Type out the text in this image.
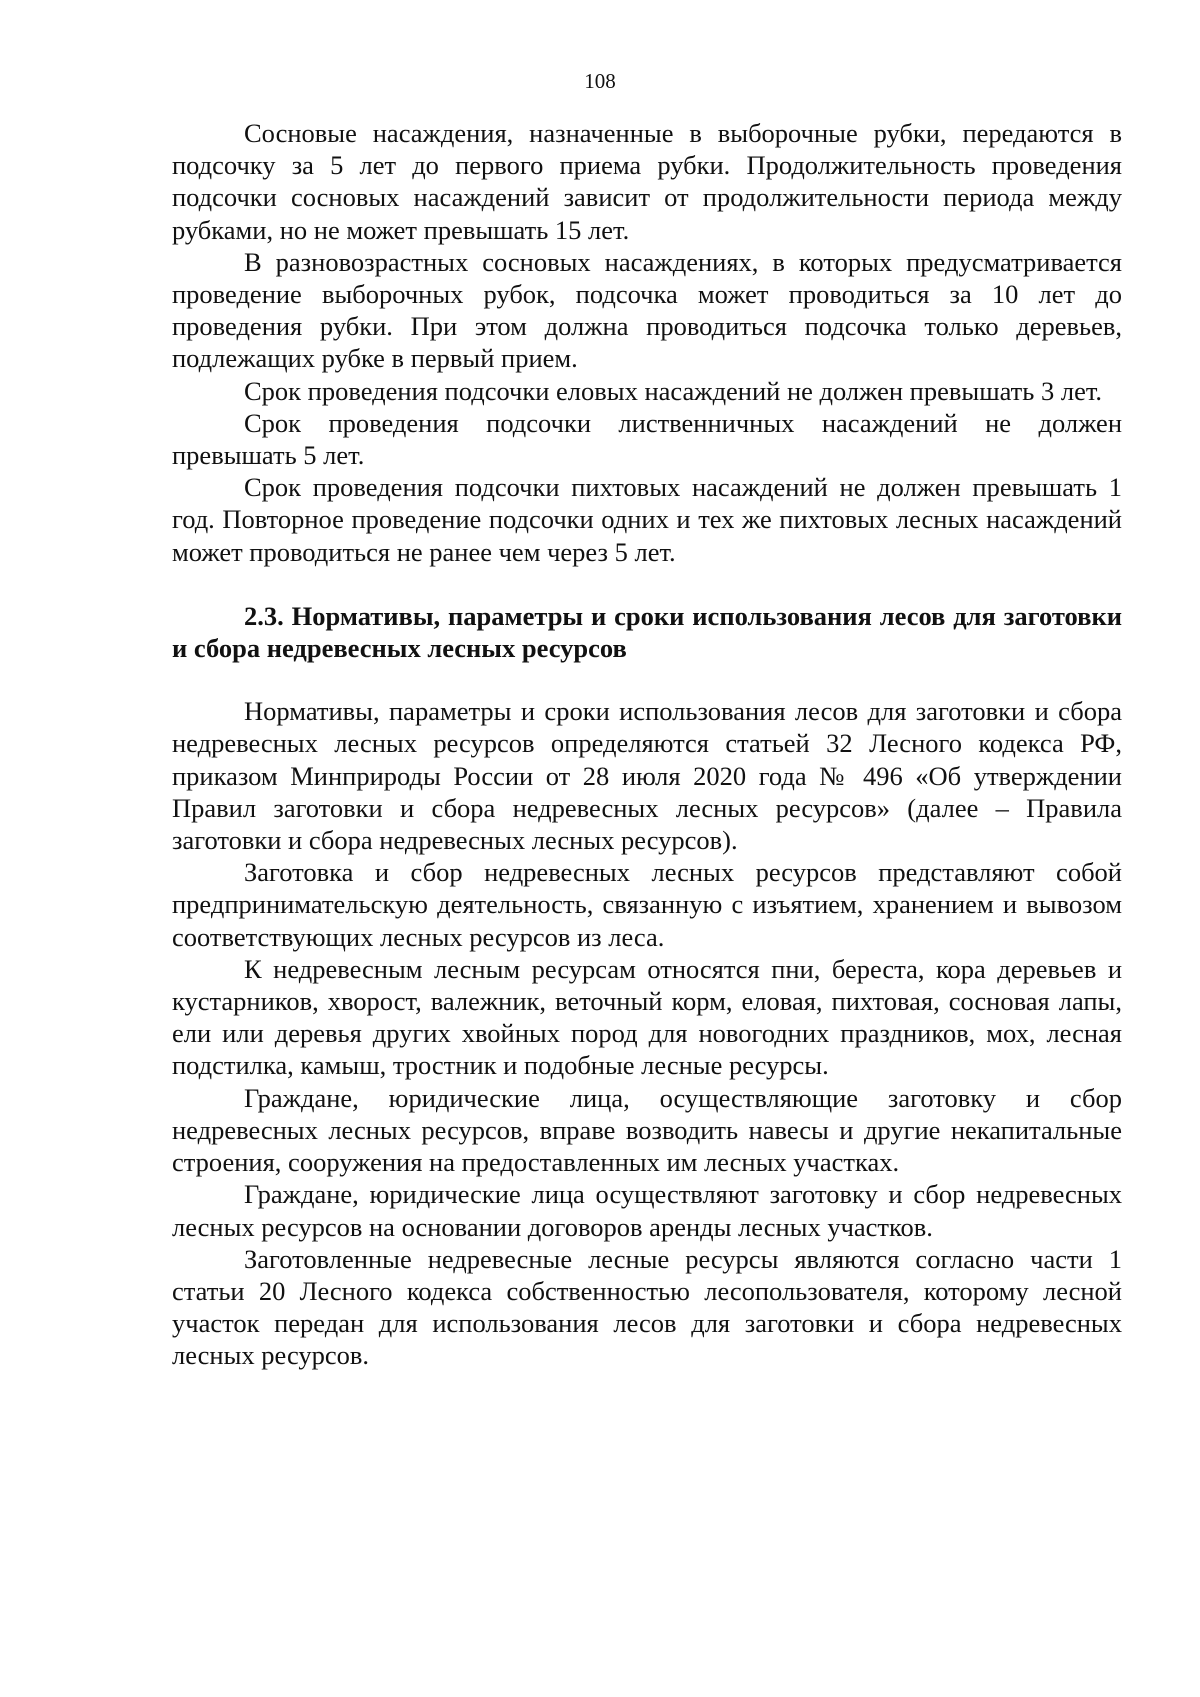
108

Сосновые насаждения, назначенные в выборочные рубки, передаются в подсочку за 5 лет до первого приема рубки. Продолжительность проведения подсочки сосновых насаждений зависит от продолжительности периода между рубками, но не может превышать 15 лет.

В разновозрастных сосновых насаждениях, в которых предусматривается проведение выборочных рубок, подсочка может проводиться за 10 лет до проведения рубки. При этом должна проводиться подсочка только деревьев, подлежащих рубке в первый прием.

Срок проведения подсочки еловых насаждений не должен превышать 3 лет.

Срок проведения подсочки лиственничных насаждений не должен превышать 5 лет.

Срок проведения подсочки пихтовых насаждений не должен превышать 1 год. Повторное проведение подсочки одних и тех же пихтовых лесных насаждений может проводиться не ранее чем через 5 лет.

2.3. Нормативы, параметры и сроки использования лесов для заготовки и сбора недревесных лесных ресурсов

Нормативы, параметры и сроки использования лесов для заготовки и сбора недревесных лесных ресурсов определяются статьей 32 Лесного кодекса РФ, приказом Минприроды России от 28 июля 2020 года № 496 «Об утверждении Правил заготовки и сбора недревесных лесных ресурсов» (далее – Правила заготовки и сбора недревесных лесных ресурсов).

Заготовка и сбор недревесных лесных ресурсов представляют собой предпринимательскую деятельность, связанную с изъятием, хранением и вывозом соответствующих лесных ресурсов из леса.

К недревесным лесным ресурсам относятся пни, береста, кора деревьев и кустарников, хворост, валежник, веточный корм, еловая, пихтовая, сосновая лапы, ели или деревья других хвойных пород для новогодних праздников, мох, лесная подстилка, камыш, тростник и подобные лесные ресурсы.

Граждане, юридические лица, осуществляющие заготовку и сбор недревесных лесных ресурсов, вправе возводить навесы и другие некапитальные строения, сооружения на предоставленных им лесных участках.

Граждане, юридические лица осуществляют заготовку и сбор недревесных лесных ресурсов на основании договоров аренды лесных участков.

Заготовленные недревесные лесные ресурсы являются согласно части 1 статьи 20 Лесного кодекса собственностью лесопользователя, которому лесной участок передан для использования лесов для заготовки и сбора недревесных лесных ресурсов.
